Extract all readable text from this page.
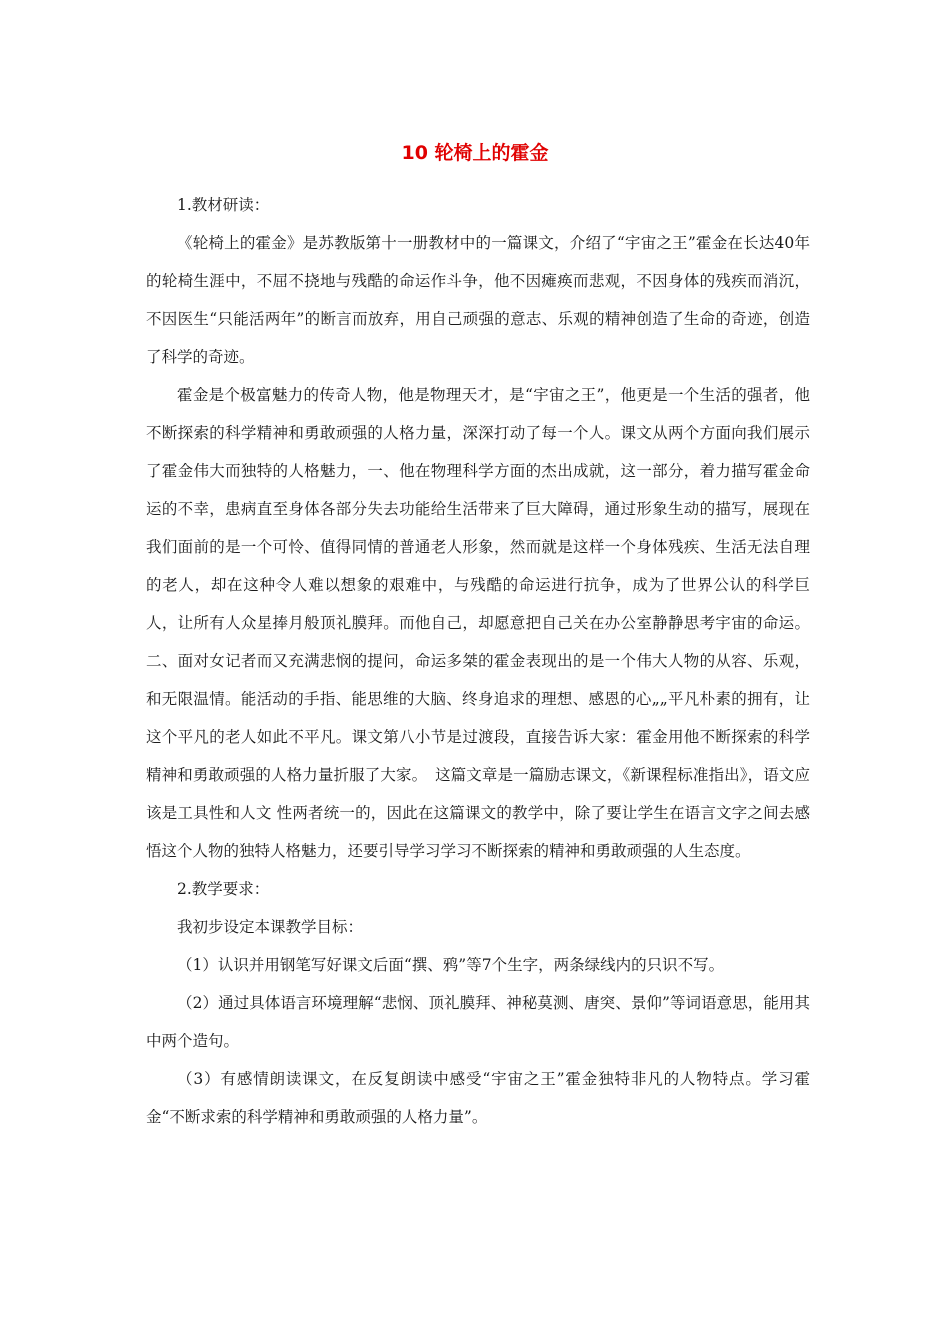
10 轮椅上的霍金

1.教材研读：

《轮椅上的霍金》是苏教版第十一册教材中的一篇课文，介绍了“宇宙之王”霍金在长达40年的轮椅生涯中，不屈不挠地与残酷的命运作斗争，他不因瘫痪而悲观，不因身体的残疾而消沉，不因医生“只能活两年”的断言而放弃，用自己顽强的意志、乐观的精神创造了生命的奇迹，创造了科学的奇迹。

霍金是个极富魅力的传奇人物，他是物理天才，是“宇宙之王”，他更是一个生活的强者，他不断探索的科学精神和勇敢顽强的人格力量，深深打动了每一个人。课文从两个方面向我们展示了霍金伟大而独特的人格魅力，一、他在物理科学方面的杰出成就，这一部分，着力描写霍金命运的不幸，患病直至身体各部分失去功能给生活带来了巨大障碍，通过形象生动的描写，展现在我们面前的是一个可怜、值得同情的普通老人形象，然而就是这样一个身体残疾、生活无法自理的老人，却在这种令人难以想象的艰难中，与残酷的命运进行抗争，成为了世界公认的科学巨人，让所有人众星捧月般顶礼膜拜。而他自己，却愿意把自己关在办公室静静思考宇宙的命运。二、面对女记者而又充满悲悯的提问，命运多桀的霍金表现出的是一个伟大人物的从容、乐观，和无限温情。能活动的手指、能思维的大脑、终身追求的理想、感恩的心„„平凡朴素的拥有，让这个平凡的老人如此不平凡。课文第八小节是过渡段，直接告诉大家：霍金用他不断探索的科学精神和勇敢顽强的人格力量折服了大家。　这篇文章是一篇励志课文，《新课程标准指出》，语文应该是工具性和人文 性两者统一的，因此在这篇课文的教学中，除了要让学生在语言文字之间去感悟这个人物的独特人格魅力，还要引导学习学习不断探索的精神和勇敢顽强的人生态度。

2.教学要求：

我初步设定本课教学目标：

（1）认识并用钢笔写好课文后面“撰、鸦”等7个生字，两条绿线内的只识不写。

（2）通过具体语言环境理解“悲悯、顶礼膜拜、神秘莫测、唐突、景仰”等词语意思，能用其中两个造句。

（3）有感情朗读课文，在反复朗读中感受“宇宙之王”霍金独特非凡的人物特点。学习霍金“不断求索的科学精神和勇敢顽强的人格力量”。
